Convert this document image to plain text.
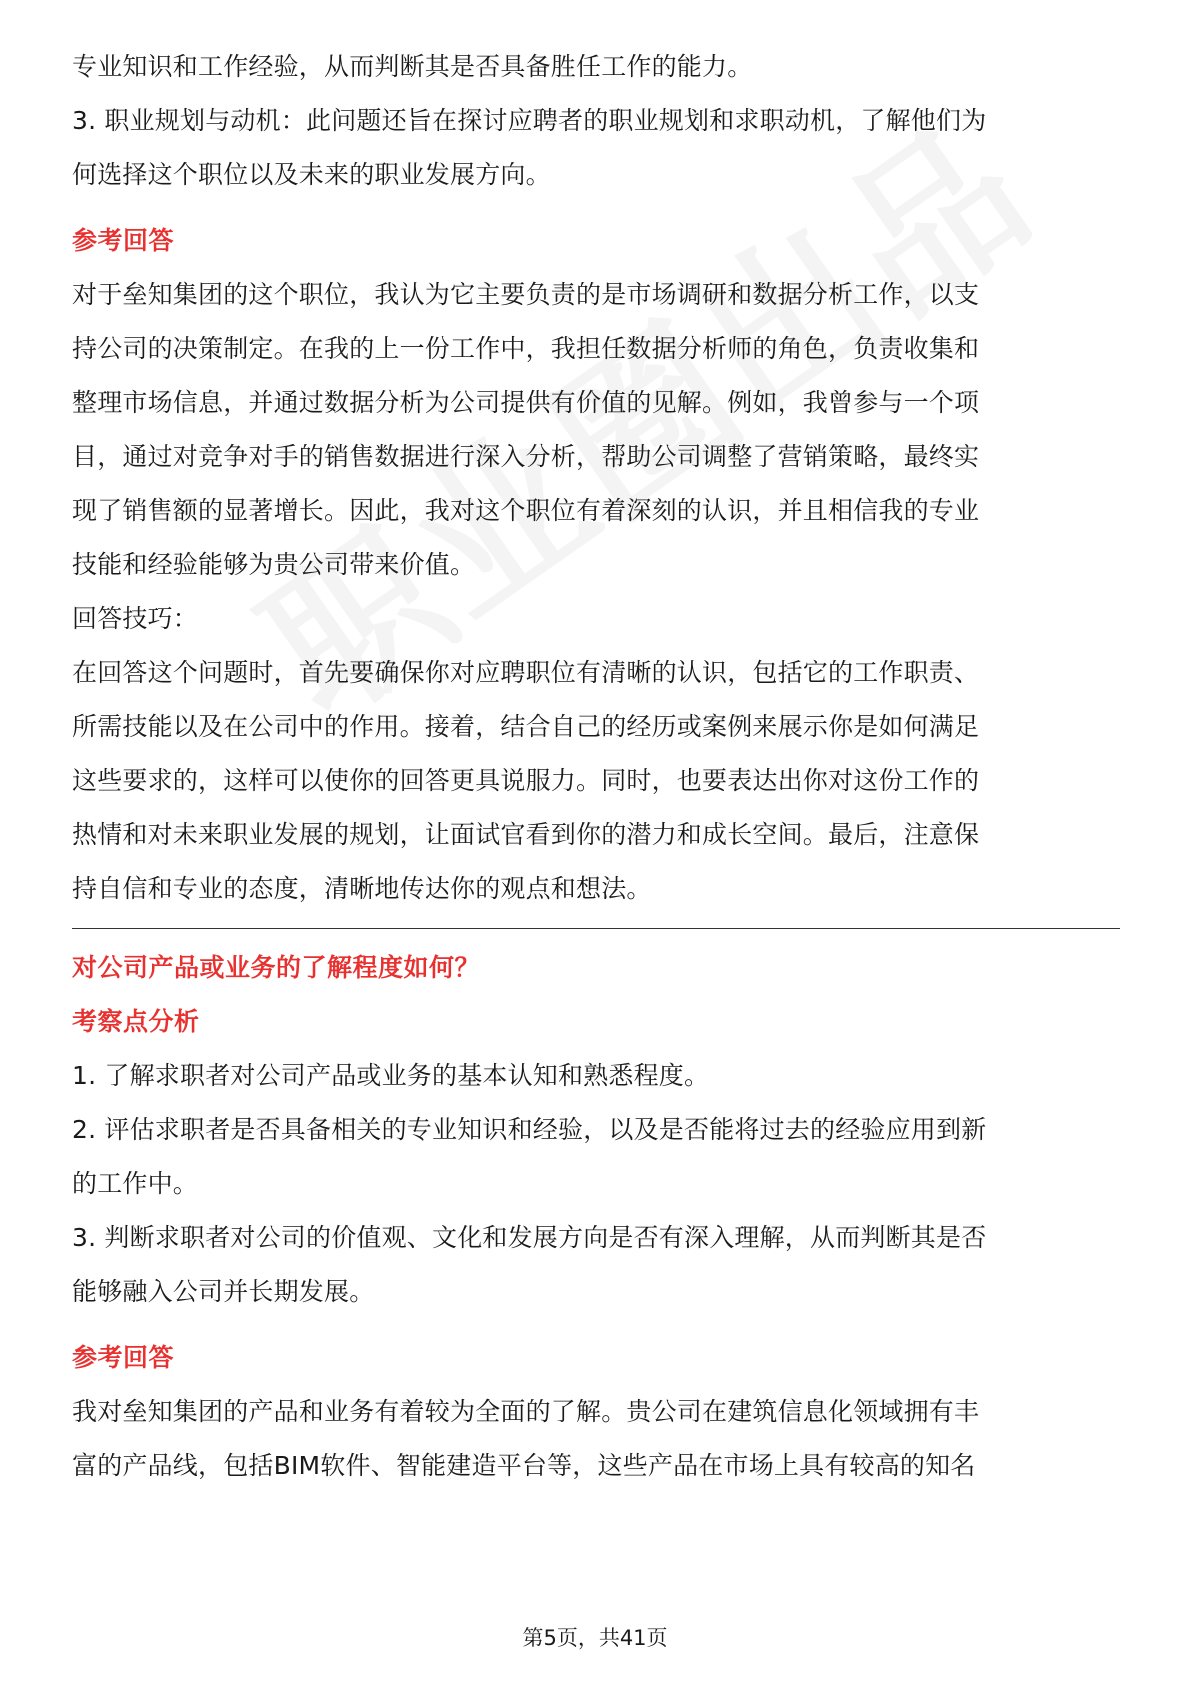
专业知识和工作经验，从而判断其是否具备胜任工作的能力。

3. 职业规划与动机：此问题还旨在探讨应聘者的职业规划和求职动机，了解他们为

何选择这个职位以及未来的职业发展方向。

参考回答

对于垒知集团的这个职位，我认为它主要负责的是市场调研和数据分析工作，以支

持公司的决策制定。在我的上一份工作中，我担任数据分析师的角色，负责收集和

整理市场信息，并通过数据分析为公司提供有价值的见解。例如，我曾参与一个项

目，通过对竞争对手的销售数据进行深入分析，帮助公司调整了营销策略，最终实

现了销售额的显著增长。因此，我对这个职位有着深刻的认识，并且相信我的专业

技能和经验能够为贵公司带来价值。

回答技巧：

在回答这个问题时，首先要确保你对应聘职位有清晰的认识，包括它的工作职责、

所需技能以及在公司中的作用。接着，结合自己的经历或案例来展示你是如何满足

这些要求的，这样可以使你的回答更具说服力。同时，也要表达出你对这份工作的

热情和对未来职业发展的规划，让面试官看到你的潜力和成长空间。最后，注意保

持自信和专业的态度，清晰地传达你的观点和想法。

对公司产品或业务的了解程度如何？

考察点分析

1. 了解求职者对公司产品或业务的基本认知和熟悉程度。

2. 评估求职者是否具备相关的专业知识和经验，以及是否能将过去的经验应用到新

的工作中。

3. 判断求职者对公司的价值观、文化和发展方向是否有深入理解，从而判断其是否

能够融入公司并长期发展。

参考回答

我对垒知集团的产品和业务有着较为全面的了解。贵公司在建筑信息化领域拥有丰

富的产品线，包括BIM软件、智能建造平台等，这些产品在市场上具有较高的知名

第5页，共41页
